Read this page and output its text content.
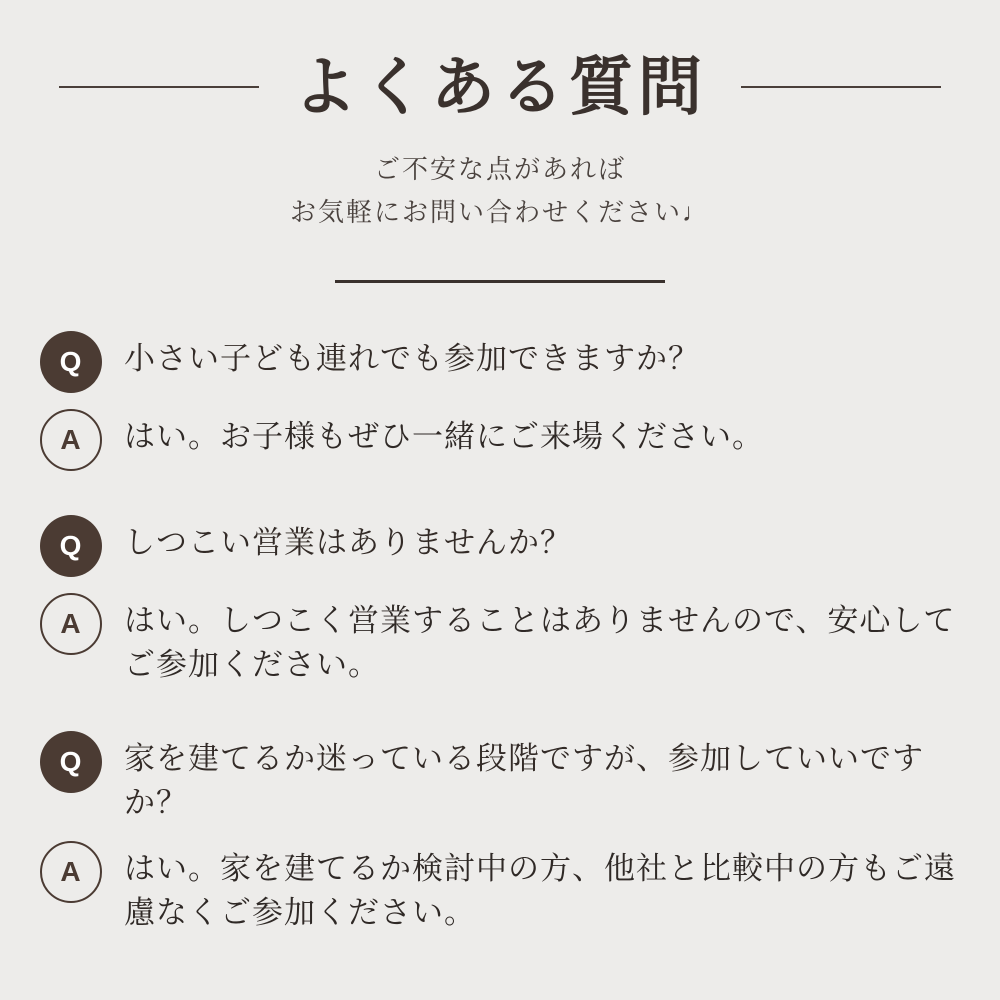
よくある質問
ご不安な点があれば
お気軽にお問い合わせください♩
Q	小さい子ども連れでも参加できますか？
A	はい。お子様もぜひ一緒にご来場ください。
Q	しつこい営業はありませんか？
A	はい。しつこく営業することはありませんので、安心してご参加ください。
Q	家を建てるか迷っている段階ですが、参加していいですか？
A	はい。家を建てるか検討中の方、他社と比較中の方もご遠慮なくご参加ください。
